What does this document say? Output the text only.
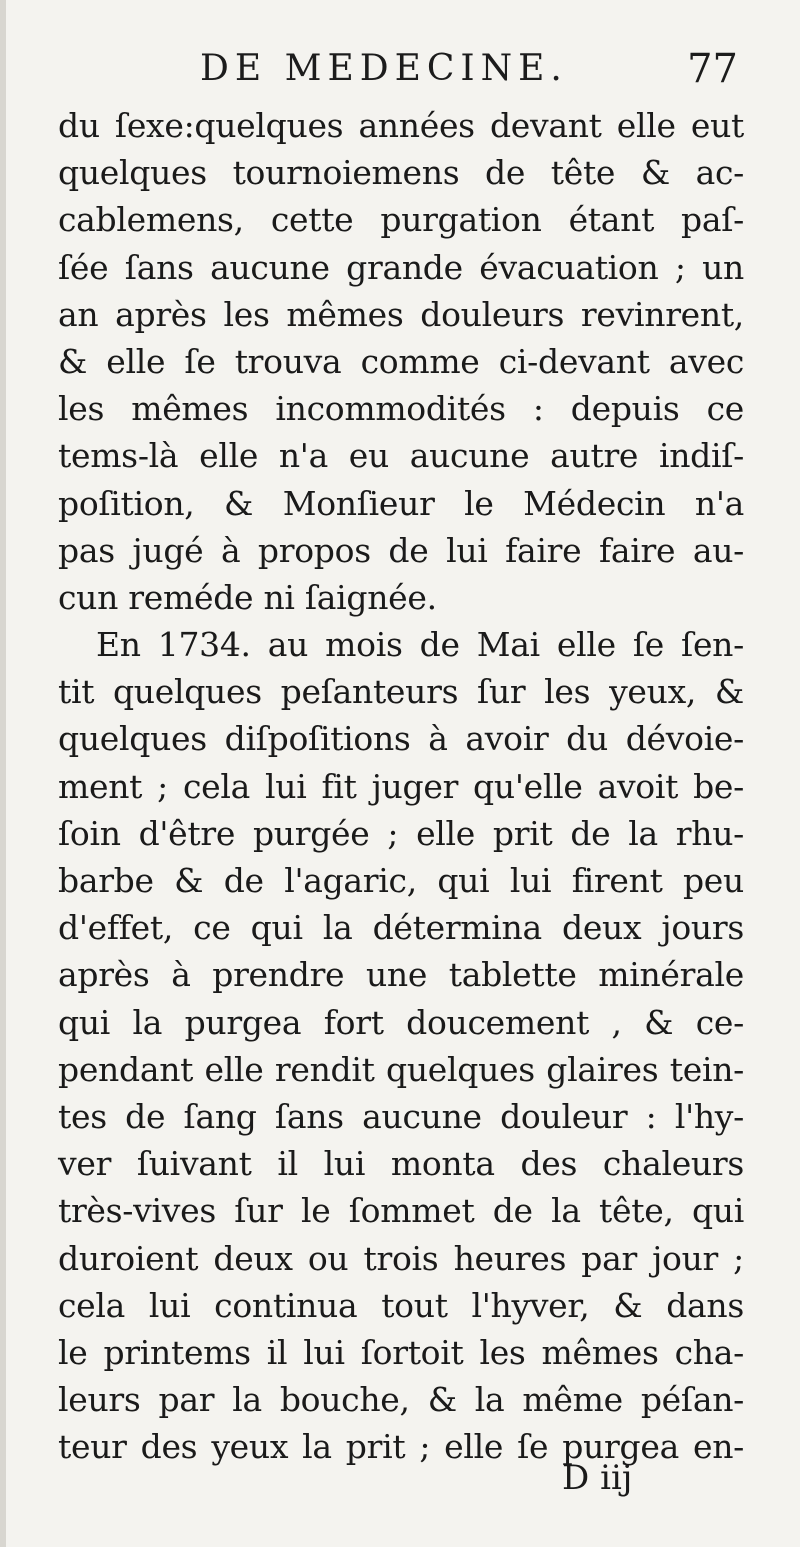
DE MEDECINE.	77
du ſexe:quelques années devant elle eut
quelques tournoiemens de tête & ac-
cablemens, cette purgation étant paſ-
ſée ſans aucune grande évacuation ; un
an après les mêmes douleurs revinrent,
& elle ſe trouva comme ci-devant avec
les mêmes incommodités : depuis ce
tems-là elle n'a eu aucune autre indiſ-
poſition, & Monſieur le Médecin n'a
pas jugé à propos de lui faire faire au-
cun reméde ni ſaignée.
En 1734. au mois de Mai elle ſe ſen-
tit quelques peſanteurs ſur les yeux, &
quelques diſpoſitions à avoir du dévoie-
ment ; cela lui fit juger qu'elle avoit be-
ſoin d'être purgée ; elle prit de la rhu-
barbe & de l'agaric, qui lui firent peu
d'effet, ce qui la détermina deux jours
après à prendre une tablette minérale
qui la purgea fort doucement , & ce-
pendant elle rendit quelques glaires tein-
tes de ſang ſans aucune douleur : l'hy-
ver ſuivant il lui monta des chaleurs
très-vives ſur le ſommet de la tête, qui
duroient deux ou trois heures par jour ;
cela lui continua tout l'hyver, & dans
le printems il lui ſortoit les mêmes cha-
leurs par la bouche, & la même péſan-
teur des yeux la prit ; elle ſe purgea en-
D iij
